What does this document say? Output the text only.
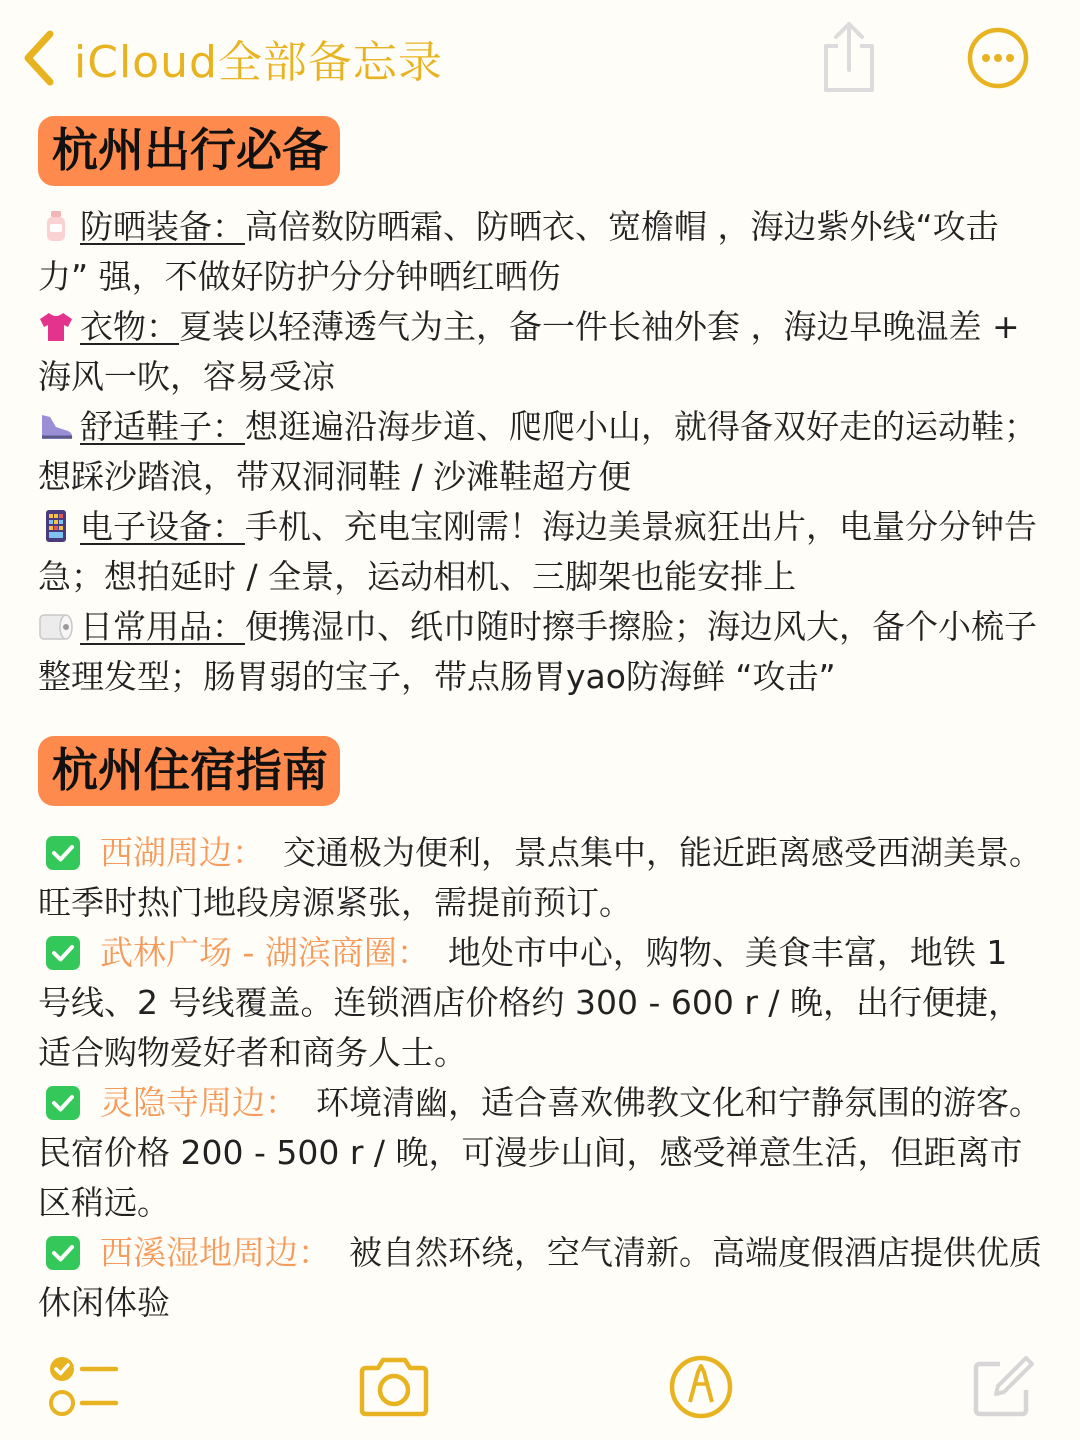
iCloud全部备忘录
杭州出行必备

防晒装备：高倍数防晒霜、防晒衣、宽檐帽 ，海边紫外线“攻击力” 强，不做好防护分分钟晒红晒伤

衣物：夏装以轻薄透气为主，备一件长袖外套 ，海边早晚温差 + 海风一吹，容易受凉

舒适鞋子：想逛遍沿海步道、爬爬小山，就得备双好走的运动鞋；想踩沙踏浪，带双洞洞鞋 / 沙滩鞋超方便

电子设备：手机、充电宝刚需！海边美景疯狂出片，电量分分钟告急；想拍延时 / 全景，运动相机、三脚架也能安排上

日常用品：便携湿巾、纸巾随时擦手擦脸；海边风大，备个小梳子整理发型；肠胃弱的宝子，带点肠胃yao防海鲜 “攻击”

杭州住宿指南

西湖周边： 交通极为便利，景点集中，能近距离感受西湖美景。旺季时热门地段房源紧张，需提前预订。

武林广场 - 湖滨商圈： 地处市中心，购物、美食丰富，地铁 1 号线、2 号线覆盖。连锁酒店价格约 300 - 600 r / 晚，出行便捷，适合购物爱好者和商务人士。

灵隐寺周边： 环境清幽，适合喜欢佛教文化和宁静氛围的游客。民宿价格 200 - 500 r / 晚，可漫步山间，感受禅意生活，但距离市区稍远。

西溪湿地周边： 被自然环绕，空气清新。高端度假酒店提供优质休闲体验
